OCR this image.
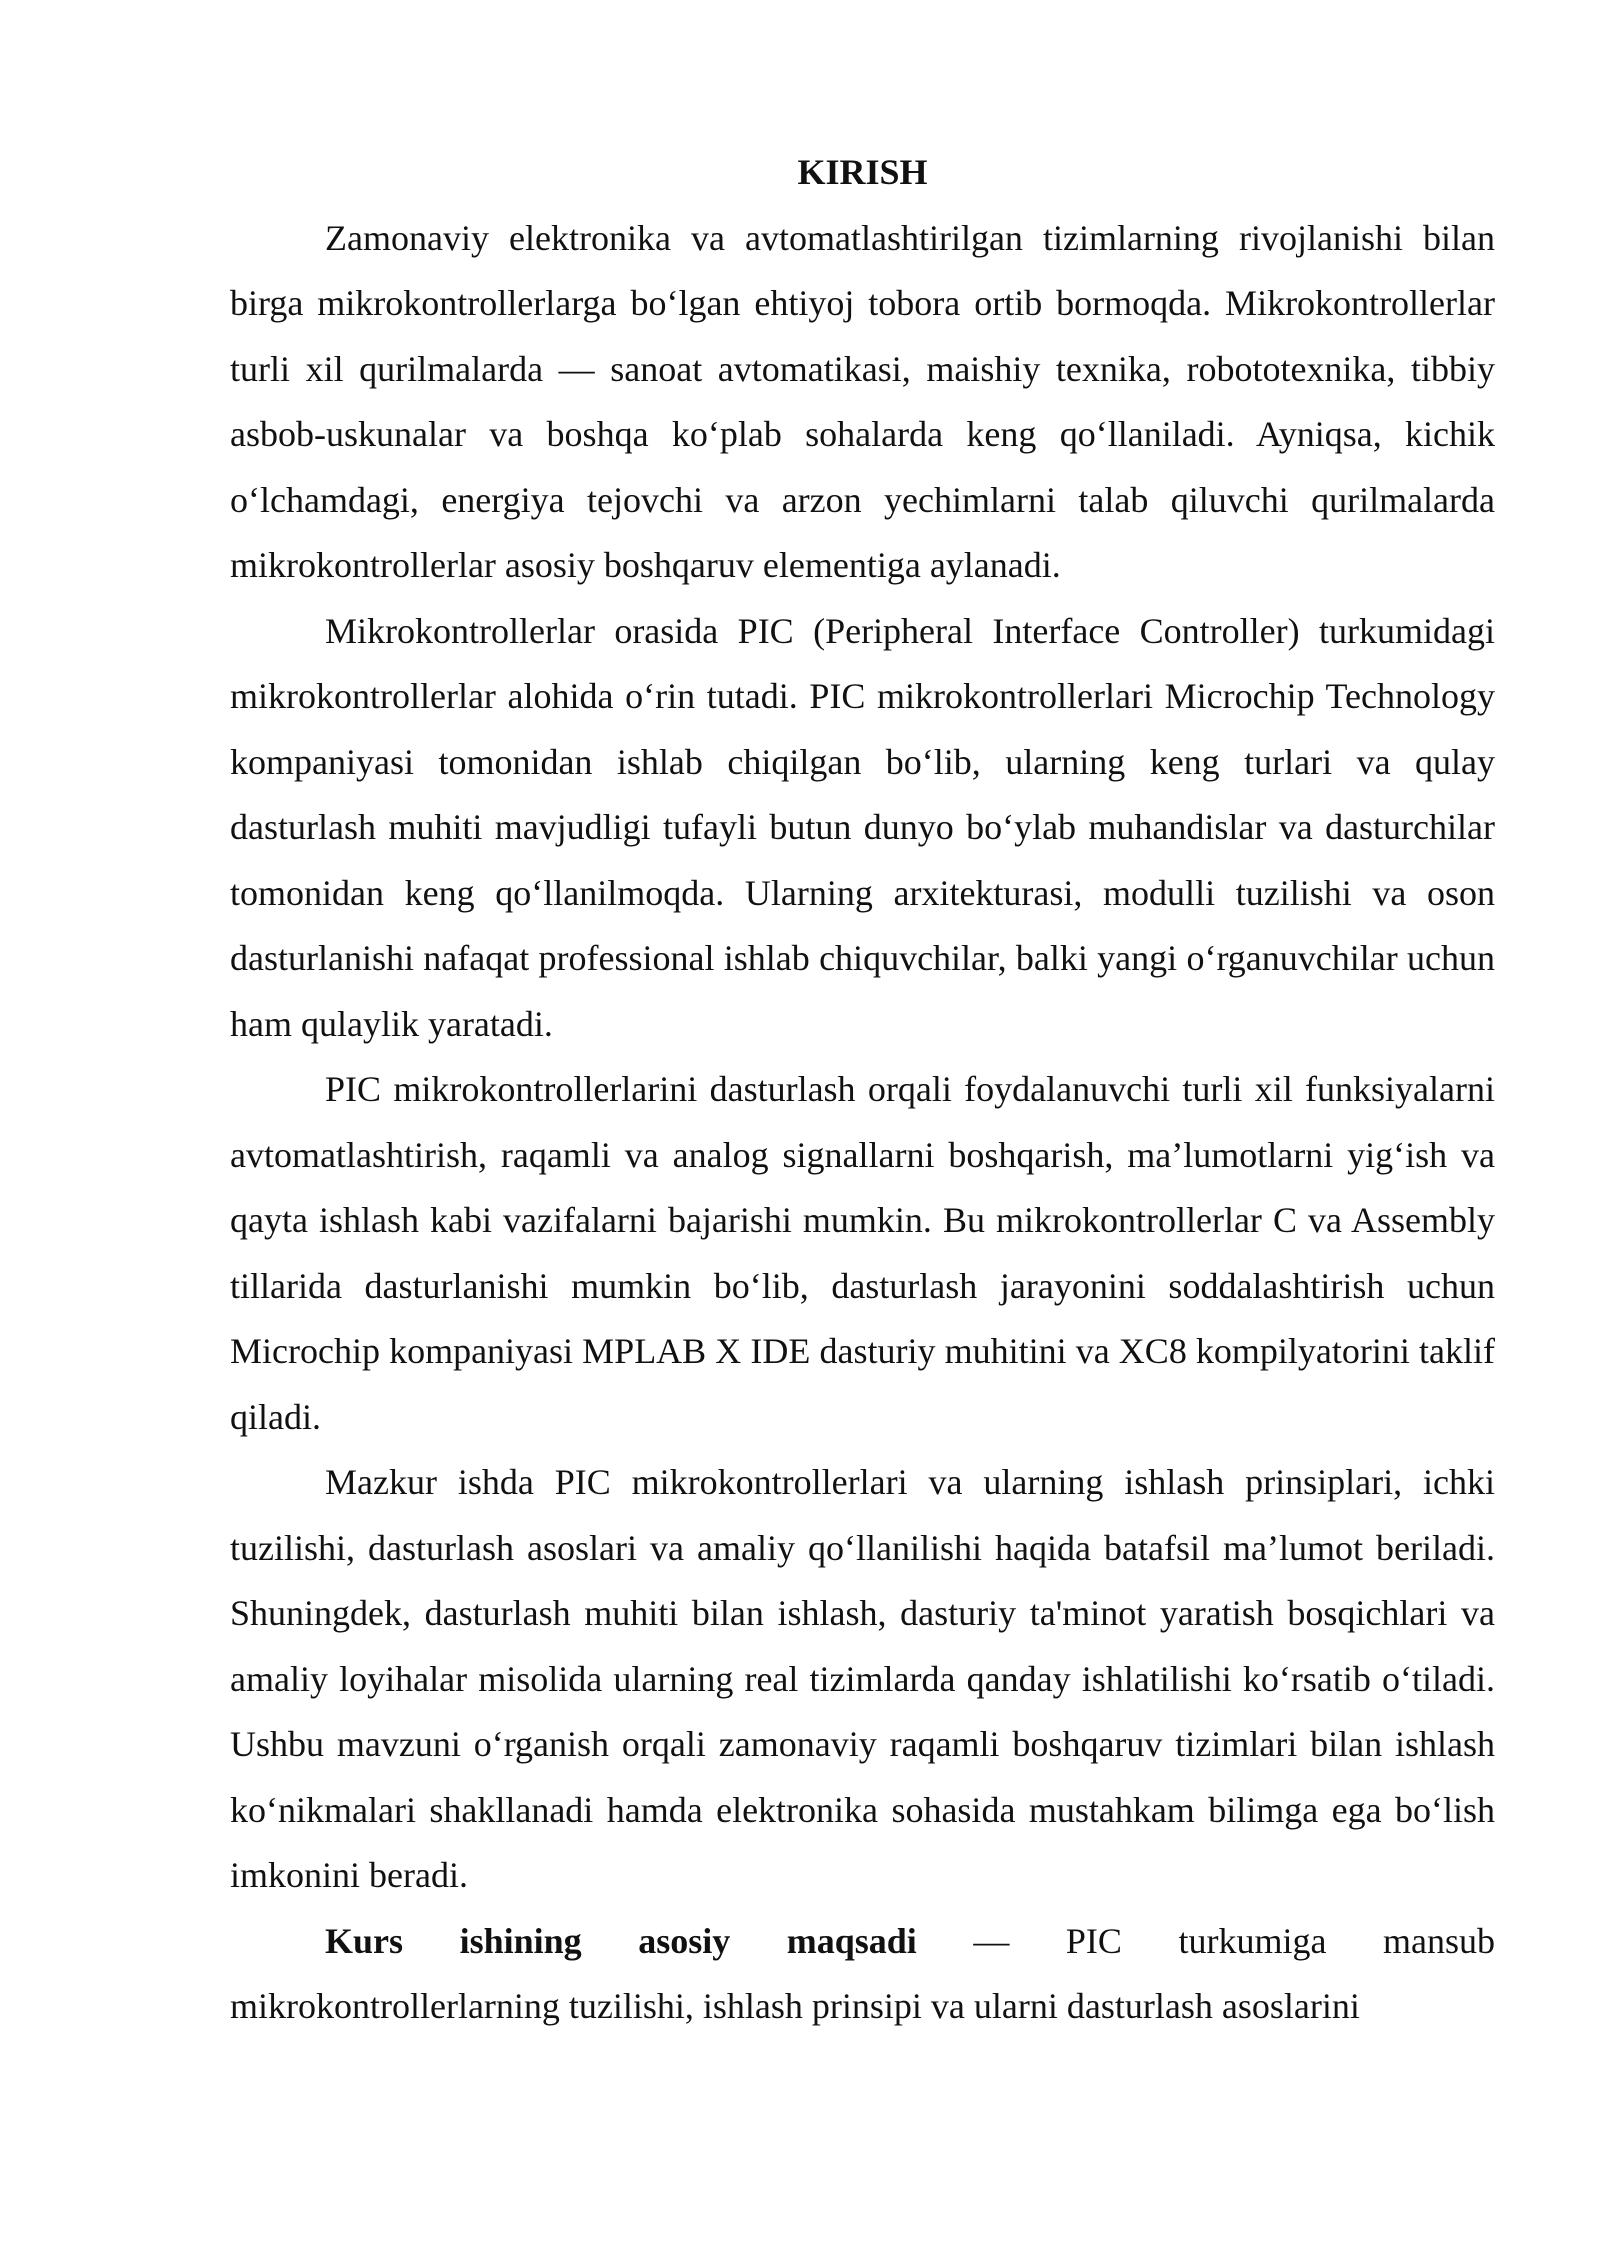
KIRISH

Zamonaviy elektronika va avtomatlashtirilgan tizimlarning rivojlanishi bilan birga mikrokontrollerlarga bo‘lgan ehtiyoj tobora ortib bormoqda. Mikrokontrollerlar turli xil qurilmalarda — sanoat avtomatikasi, maishiy texnika, robototexnika, tibbiy asbob-uskunalar va boshqa ko‘plab sohalarda keng qo‘llaniladi. Ayniqsa, kichik o‘lchamdagi, energiya tejovchi va arzon yechimlarni talab qiluvchi qurilmalarda mikrokontrollerlar asosiy boshqaruv elementiga aylanadi.

Mikrokontrollerlar orasida PIC (Peripheral Interface Controller) turkumidagi mikrokontrollerlar alohida o‘rin tutadi. PIC mikrokontrollerlari Microchip Technology kompaniyasi tomonidan ishlab chiqilgan bo‘lib, ularning keng turlari va qulay dasturlash muhiti mavjudligi tufayli butun dunyo bo‘ylab muhandislar va dasturchilar tomonidan keng qo‘llanilmoqda. Ularning arxitekturasi, modulli tuzilishi va oson dasturlanishi nafaqat professional ishlab chiquvchilar, balki yangi o‘rganuvchilar uchun ham qulaylik yaratadi.

PIC mikrokontrollerlarini dasturlash orqali foydalanuvchi turli xil funksiyalarni avtomatlashtirish, raqamli va analog signallarni boshqarish, ma’lumotlarni yig‘ish va qayta ishlash kabi vazifalarni bajarishi mumkin. Bu mikrokontrollerlar C va Assembly tillarida dasturlanishi mumkin bo‘lib, dasturlash jarayonini soddalashtirish uchun Microchip kompaniyasi MPLAB X IDE dasturiy muhitini va XC8 kompilyatorini taklif qiladi.

Mazkur ishda PIC mikrokontrollerlari va ularning ishlash prinsiplari, ichki tuzilishi, dasturlash asoslari va amaliy qo‘llanilishi haqida batafsil ma’lumot beriladi. Shuningdek, dasturlash muhiti bilan ishlash, dasturiy ta'minot yaratish bosqichlari va amaliy loyihalar misolida ularning real tizimlarda qanday ishlatilishi ko‘rsatib o‘tiladi. Ushbu mavzuni o‘rganish orqali zamonaviy raqamli boshqaruv tizimlari bilan ishlash ko‘nikmalari shakllanadi hamda elektronika sohasida mustahkam bilimga ega bo‘lish imkonini beradi.

Kurs ishining asosiy maqsadi — PIC turkumiga mansub mikrokontrollerlarning tuzilishi, ishlash prinsipi va ularni dasturlash asoslarini
